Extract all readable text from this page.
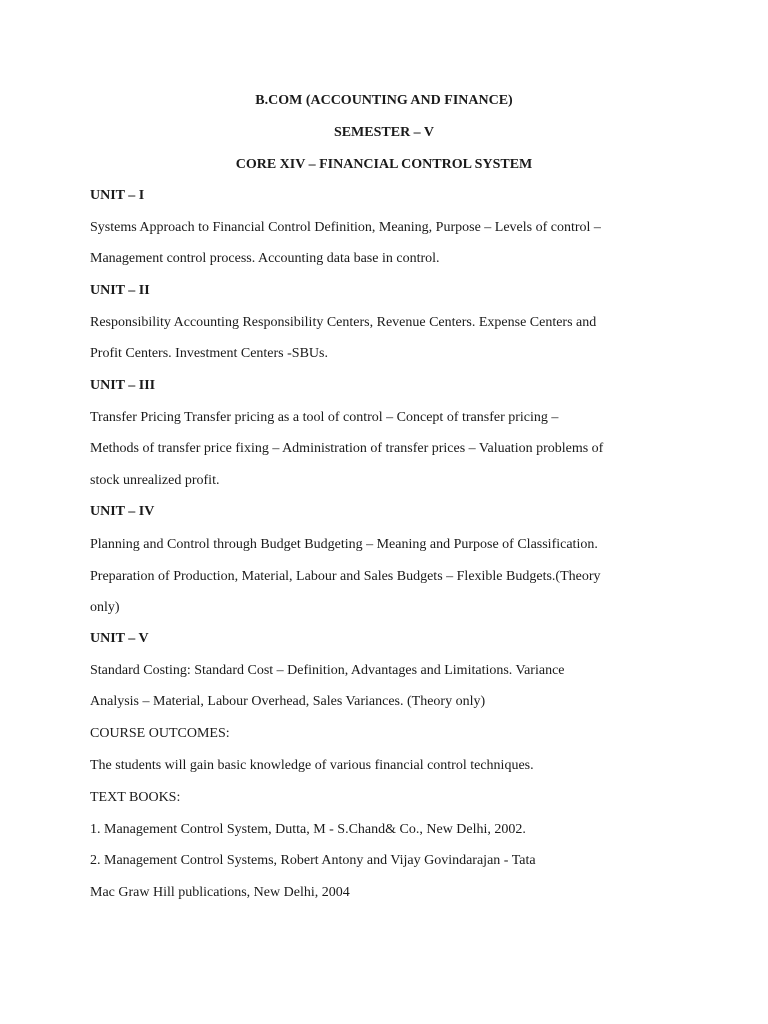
B.COM (ACCOUNTING AND FINANCE)
SEMESTER – V
CORE XIV – FINANCIAL CONTROL SYSTEM
UNIT – I
Systems Approach to Financial Control Definition, Meaning, Purpose – Levels of control –
Management control process. Accounting data base in control.
UNIT – II
Responsibility Accounting Responsibility Centers, Revenue Centers. Expense Centers and
Profit Centers. Investment Centers -SBUs.
UNIT – III
Transfer Pricing Transfer pricing as a tool of control – Concept of transfer pricing –
Methods of transfer price fixing – Administration of transfer prices – Valuation problems of
stock unrealized profit.
UNIT – IV
Planning and Control through Budget Budgeting – Meaning and Purpose of Classification.
Preparation of Production, Material, Labour and Sales Budgets – Flexible Budgets.(Theory
only)
UNIT – V
Standard Costing: Standard Cost – Definition, Advantages and Limitations. Variance
Analysis – Material, Labour Overhead, Sales Variances. (Theory only)
COURSE OUTCOMES:
The students will gain basic knowledge of various financial control techniques.
TEXT BOOKS:
1. Management Control System, Dutta, M - S.Chand& Co., New Delhi, 2002.
2. Management Control Systems, Robert Antony and Vijay Govindarajan - Tata
Mac Graw Hill publications, New Delhi, 2004
